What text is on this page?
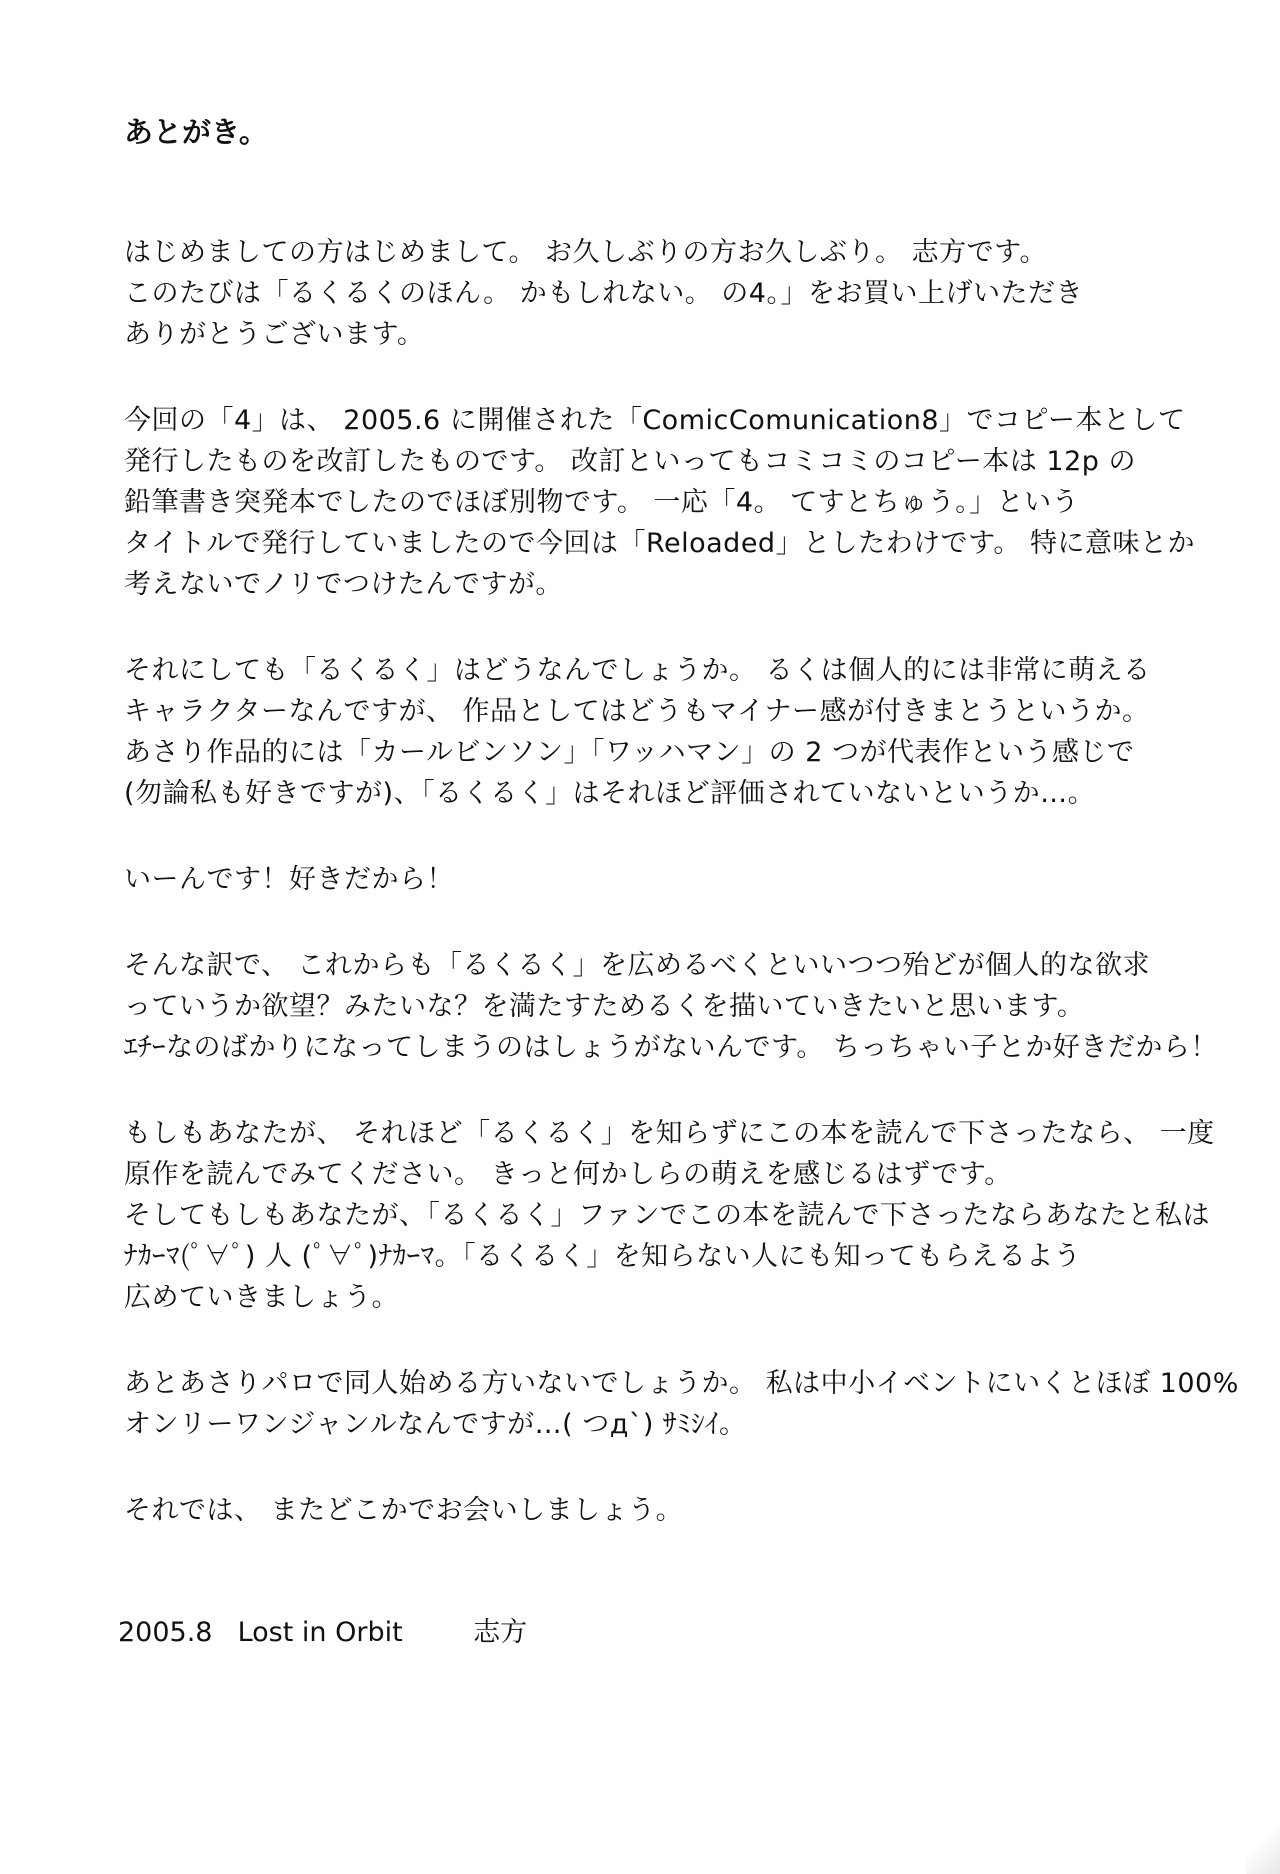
あとがき。
はじめましての方はじめまして。 お久しぶりの方お久しぶり。 志方です。
このたびは「るくるくのほん。 かもしれない。 の4。」をお買い上げいただき
ありがとうございます。
今回の「4」は、 2005.6 に開催された「ComicComunication8」でコピー本として
発行したものを改訂したものです。 改訂といってもコミコミのコピー本は 12p の
鉛筆書き突発本でしたのでほぼ別物です。 一応「4。 てすとちゅう。」という
タイトルで発行していましたので今回は「Reloaded」としたわけです。 特に意味とか
考えないでノリでつけたんですが。
それにしても「るくるく」はどうなんでしょうか。 るくは個人的には非常に萌える
キャラクターなんですが、 作品としてはどうもマイナー感が付きまとうというか。
あさり作品的には「カールビンソン」「ワッハマン」の 2 つが代表作という感じで
(勿論私も好きですが)、「るくるく」はそれほど評価されていないというか…。
いーんです！好きだから！
そんな訳で、 これからも「るくるく」を広めるべくといいつつ殆どが個人的な欲求
っていうか欲望？みたいな？を満たすためるくを描いていきたいと思います。
ｴﾁｰなのばかりになってしまうのはしょうがないんです。 ちっちゃい子とか好きだから！
もしもあなたが、 それほど「るくるく」を知らずにこの本を読んで下さったなら、 一度
原作を読んでみてください。 きっと何かしらの萌えを感じるはずです。
そしてもしもあなたが、「るくるく」ファンでこの本を読んで下さったならあなたと私は
ﾅｶｰﾏ(ﾟ∀ﾟ) 人 (ﾟ∀ﾟ)ﾅｶｰﾏ。「るくるく」を知らない人にも知ってもらえるよう
広めていきましょう。
あとあさりパロで同人始める方いないでしょうか。 私は中小イベントにいくとほぼ 100%
オンリーワンジャンルなんですが…( つд`) ｻﾐｼｲ。
それでは、 またどこかでお会いしましょう。
2005.8 Lost in Orbit	志方
